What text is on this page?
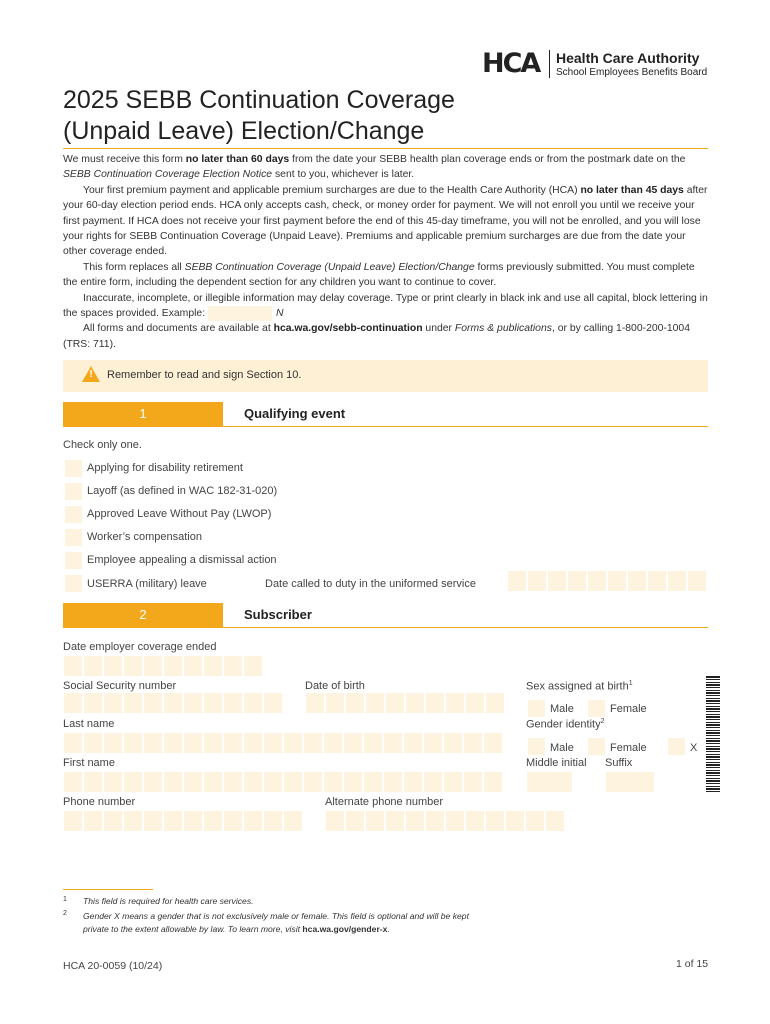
HCA Health Care Authority
School Employees Benefits Board
2025 SEBB Continuation Coverage
(Unpaid Leave) Election/Change

We must receive this form no later than 60 days from the date your SEBB health plan coverage ends or from the postmark date on the SEBB Continuation Coverage Election Notice sent to you, whichever is later.

Your first premium payment and applicable premium surcharges are due to the Health Care Authority (HCA) no later than 45 days after your 60-day election period ends. HCA only accepts cash, check, or money order for payment. We will not enroll you until we receive your first payment. If HCA does not receive your first payment before the end of this 45-day timeframe, you will not be enrolled, and you will lose your rights for SEBB Continuation Coverage (Unpaid Leave). Premiums and applicable premium surcharges are due from the date your other coverage ended.

This form replaces all SEBB Continuation Coverage (Unpaid Leave) Election/Change forms previously submitted. You must complete the entire form, including the dependent section for any children you want to continue to cover.

Inaccurate, incomplete, or illegible information may delay coverage. Type or print clearly in black ink and use all capital, block lettering in the spaces provided. Example:	N

All forms and documents are available at hca.wa.gov/sebb-continuation under Forms & publications, or by calling 1-800-200-1004 (TRS: 711).

! Remember to read and sign Section 10.
1	Qualifying event
Check only one.
Applying for disability retirement
Layoff (as defined in WAC 182-31-020)
Approved Leave Without Pay (LWOP)
Worker’s compensation
Employee appealing a dismissal action
USERRA (military) leave	Date called to duty in the uniformed service
2	Subscriber
Date employer coverage ended
Social Security number	Date of birth	Sex assigned at birth$^1$
Male	Female
Last name	Gender identity$^2$
Male	Female	X
First name	Middle initial Suffix
Phone number	Alternate phone number
1 This field is required for health care services.
2 Gender X means a gender that is not exclusively male or female. This field is optional and will be kept private to the extent allowable by law. To learn more, visit hca.wa.gov/gender-x.
HCA 20-0059 (10/24)	1 of 15
